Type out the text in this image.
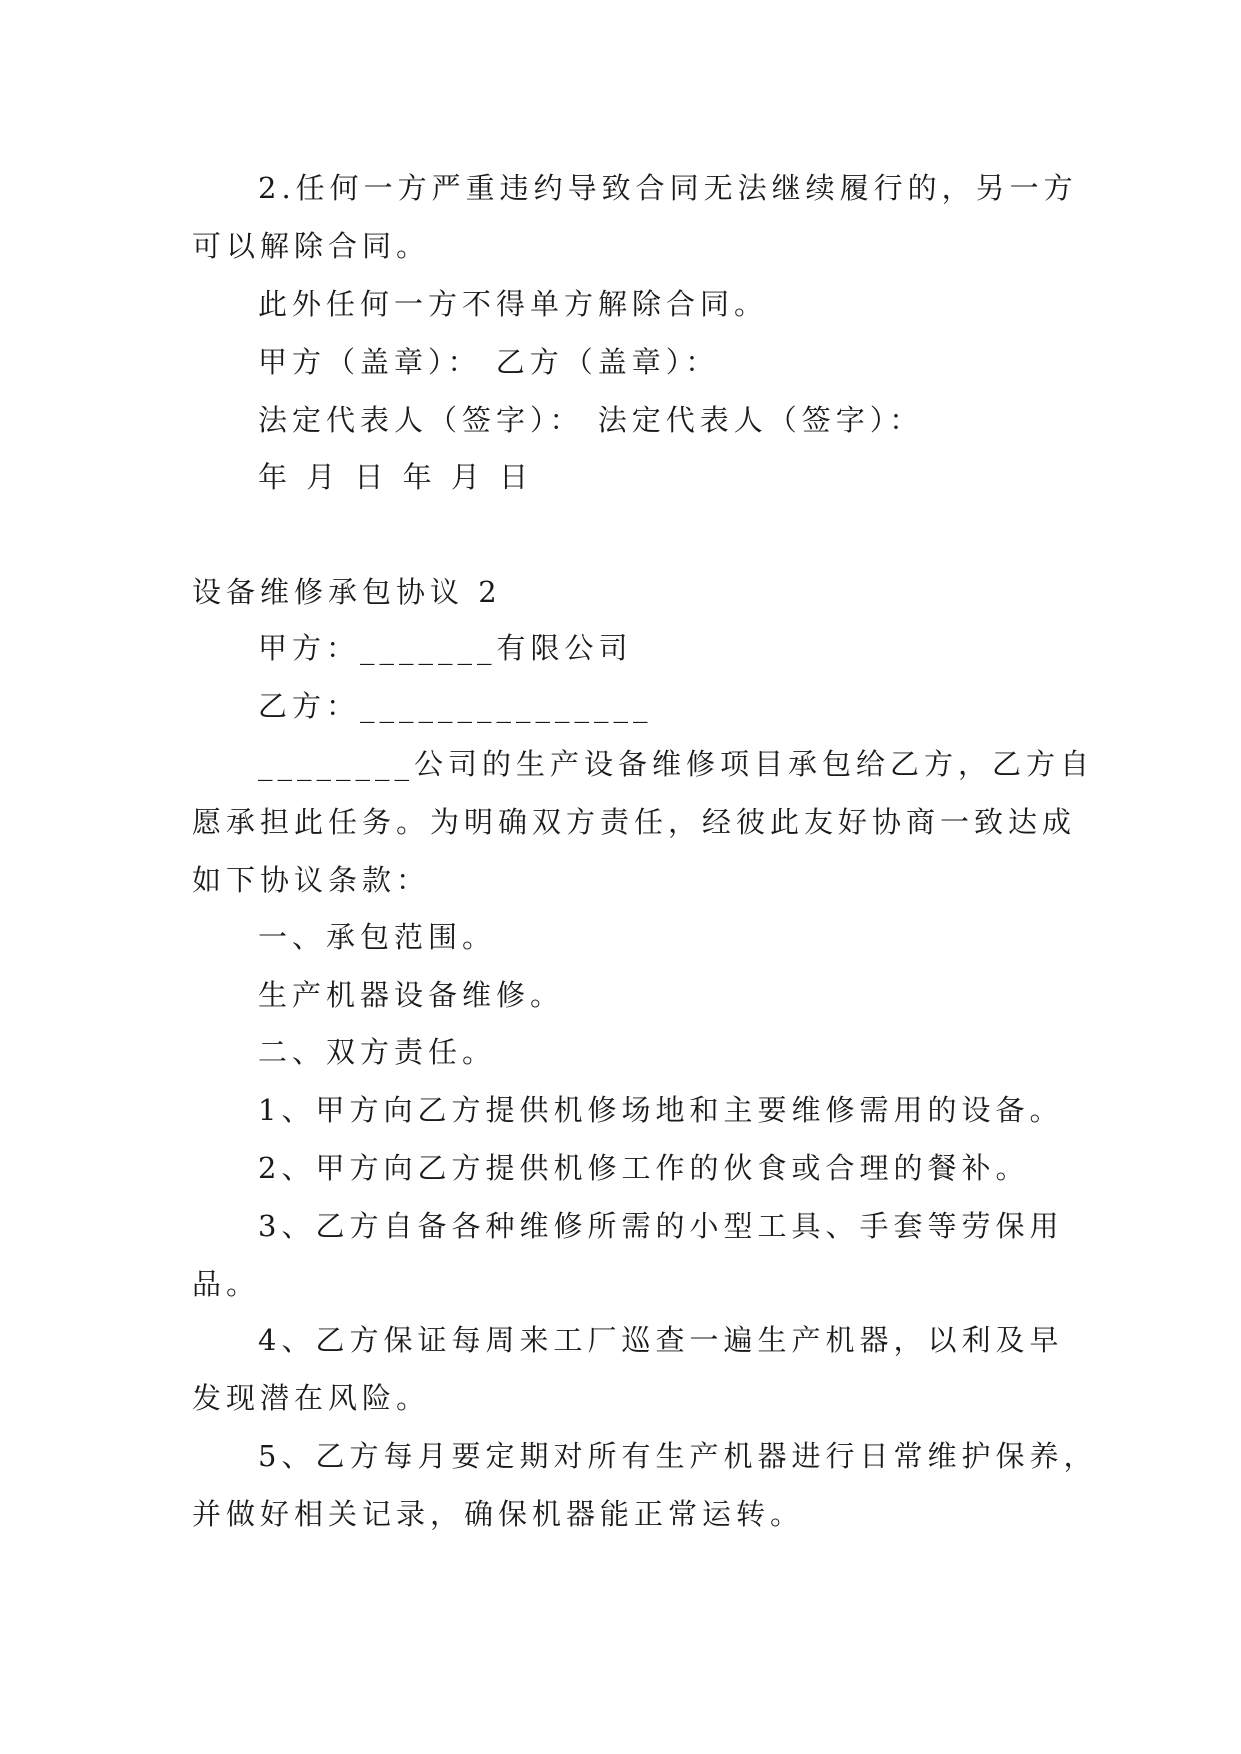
2.任何一方严重违约导致合同无法继续履行的，另一方
可以解除合同。
此外任何一方不得单方解除合同。
甲方（盖章）： 乙方（盖章）：
法定代表人（签字）： 法定代表人（签字）：
年 月 日 年 月 日
设备维修承包协议 2
甲方：_______有限公司
乙方：_______________
________公司的生产设备维修项目承包给乙方，乙方自
愿承担此任务。为明确双方责任，经彼此友好协商一致达成
如下协议条款：
一、承包范围。
生产机器设备维修。
二、双方责任。
1、甲方向乙方提供机修场地和主要维修需用的设备。
2、甲方向乙方提供机修工作的伙食或合理的餐补。
3、乙方自备各种维修所需的小型工具、手套等劳保用
品。
4、乙方保证每周来工厂巡查一遍生产机器，以利及早
发现潜在风险。
5、乙方每月要定期对所有生产机器进行日常维护保养，
并做好相关记录，确保机器能正常运转。
